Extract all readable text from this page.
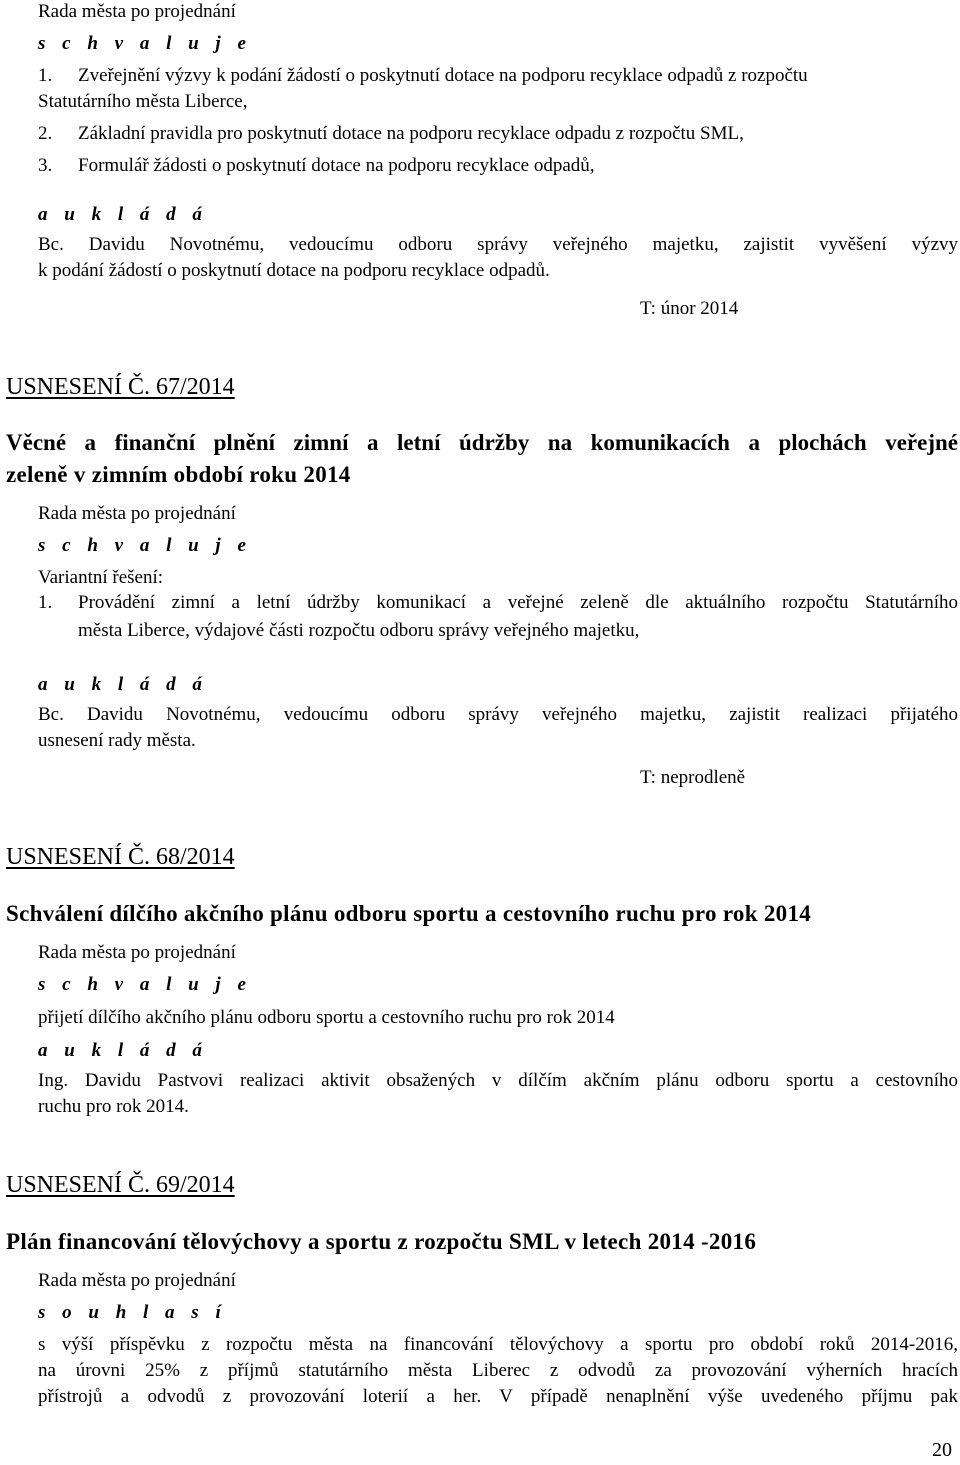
Rada města po projednání
s c h v a l u j e
1. Zveřejnění výzvy k podání žádostí o poskytnutí dotace na podporu recyklace odpadů z rozpočtu
Statutárního města Liberce,
2. Základní pravidla pro poskytnutí dotace na podporu recyklace odpadu z rozpočtu SML,
3. Formulář žádosti o poskytnutí dotace na podporu recyklace odpadů,
a u k l á d á
Bc. Davidu Novotnému, vedoucímu odboru správy veřejného majetku, zajistit vyvěšení výzvy
k podání žádostí o poskytnutí dotace na podporu recyklace odpadů.
T: únor 2014
USNESENÍ Č. 67/2014
Věcné a finanční plnění zimní a letní údržby na komunikacích a plochách veřejné
zeleně v zimním období roku 2014
Rada města po projednání
s c h v a l u j e
Variantní řešení:
1. Provádění zimní a letní údržby komunikací a veřejné zeleně dle aktuálního rozpočtu Statutárního
města Liberce, výdajové části rozpočtu odboru správy veřejného majetku,
a u k l á d á
Bc. Davidu Novotnému, vedoucímu odboru správy veřejného majetku, zajistit realizaci přijatého
usnesení rady města.
T: neprodleně
USNESENÍ Č. 68/2014
Schválení dílčího akčního plánu odboru sportu a cestovního ruchu pro rok 2014
Rada města po projednání
s c h v a l u j e
přijetí dílčího akčního plánu odboru sportu a cestovního ruchu pro rok 2014
a u k l á d á
Ing. Davidu Pastvovi realizaci aktivit obsažených v dílčím akčním plánu odboru sportu a cestovního
ruchu pro rok 2014.
USNESENÍ Č. 69/2014
Plán financování tělovýchovy a sportu z rozpočtu SML v letech 2014 -2016
Rada města po projednání
s o u h l a s í
s výší příspěvku z rozpočtu města na financování tělovýchovy a sportu pro období roků 2014-2016,
na úrovni 25% z příjmů statutárního města Liberec z odvodů za provozování výherních hracích
přístrojů a odvodů z provozování loterií a her. V případě nenaplnění výše uvedeného příjmu pak
20
